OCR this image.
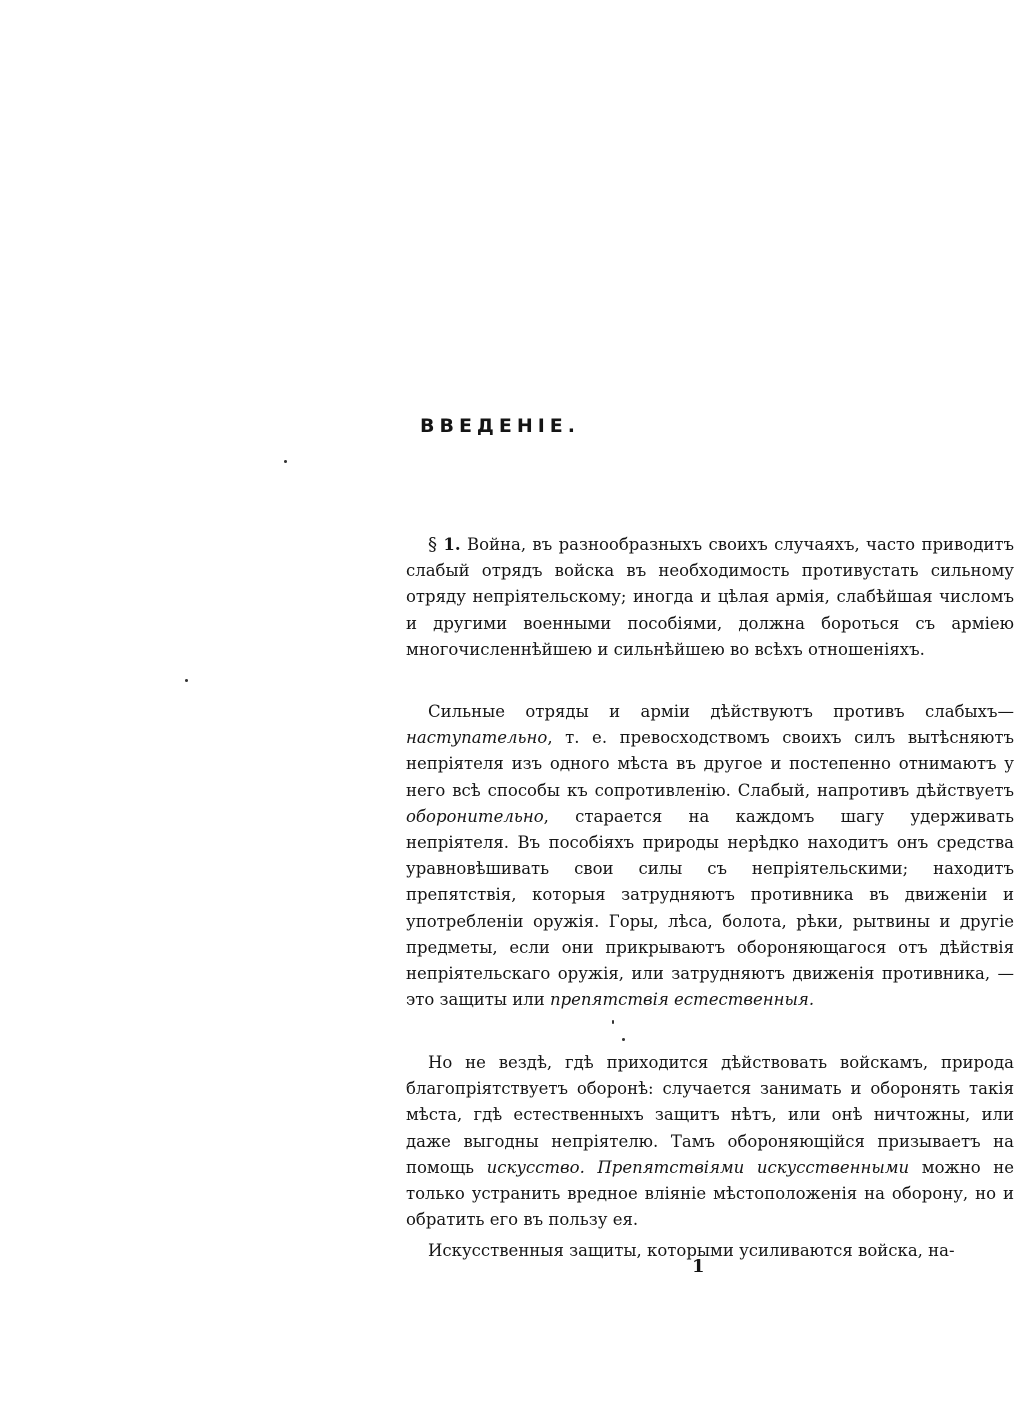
ВВЕДЕНІЕ.

§ 1. Война, въ разнообразныхъ своихъ случаяхъ, часто приводитъ слабый отрядъ войска въ необходимость противустать сильному отряду непріятельскому; иногда и цѣлая армія, слабѣйшая числомъ и другими военными пособіями, должна бороться съ арміею многочисленнѣйшею и сильнѣйшею во всѣхъ отношеніяхъ.

Сильные отряды и арміи дѣйствуютъ противъ слабыхъ—наступательно, т. е. превосходствомъ своихъ силъ вытѣсняютъ непріятеля изъ одного мѣста въ другое и постепенно отнимаютъ у него всѣ способы къ сопротивленію. Слабый, напротивъ дѣйствуетъ оборонительно, старается на каждомъ шагу удерживать непріятеля. Въ пособіяхъ природы нерѣдко находитъ онъ средства уравновѣшивать свои силы съ непріятельскими; находитъ препятствія, которыя затрудняютъ противника въ движеніи и употребленіи оружія. Горы, лѣса, болота, рѣки, рытвины и другіе предметы, если они прикрываютъ обороняющагося отъ дѣйствія непріятельскаго оружія, или затрудняютъ движенія противника, — это защиты или препятствія естественныя.

Но не вездѣ, гдѣ приходится дѣйствовать войскамъ, природа благопріятствуетъ оборонѣ: случается занимать и оборонять такія мѣста, гдѣ естественныхъ защитъ нѣтъ, или онѣ ничтожны, или даже выгодны непріятелю. Тамъ обороняющійся призываетъ на помощь искусство. Препятствіями искусственными можно не только устранить вредное вліяніе мѣстоположенія на оборону, но и обратить его въ пользу ея.

Искусственныя защиты, которыми усиливаются войска, на-

1
